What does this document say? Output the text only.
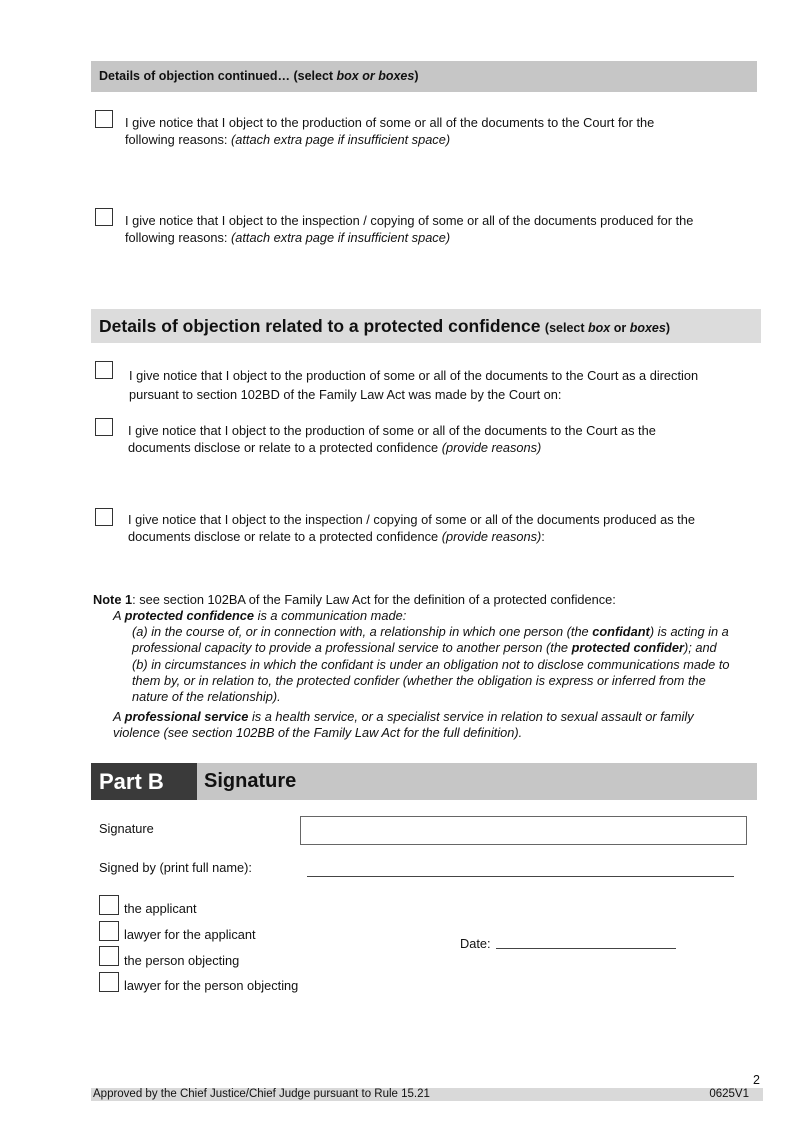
Details of objection continued… (select box or boxes)
I give notice that I object to the production of some or all of the documents to the Court for the
following reasons: (attach extra page if insufficient space)
I give notice that I object to the inspection / copying of some or all of the documents produced for the
following reasons: (attach extra page if insufficient space)
Details of objection related to a protected confidence (select box or boxes)
I give notice that I object to the production of some or all of the documents to the Court as a direction
pursuant to section 102BD of the Family Law Act was made by the Court on:
I give notice that I object to the production of some or all of the documents to the Court as the
documents disclose or relate to a protected confidence (provide reasons)
I give notice that I object to the inspection / copying of some or all of the documents produced as the
documents disclose or relate to a protected confidence (provide reasons):
Note 1: see section 102BA of the Family Law Act for the definition of a protected confidence:
A protected confidence is a communication made:
(a) in the course of, or in connection with, a relationship in which one person (the confidant) is acting in a
professional capacity to provide a professional service to another person (the protected confider); and
(b) in circumstances in which the confidant is under an obligation not to disclose communications made to
them by, or in relation to, the protected confider (whether the obligation is express or inferred from the
nature of the relationship).
A professional service is a health service, or a specialist service in relation to sexual assault or family
violence (see section 102BB of the Family Law Act for the full definition).
Part B	Signature
Signature
Signed by (print full name):
the applicant
lawyer for the applicant
the person objecting
lawyer for the person objecting
Date:
2
Approved by the Chief Justice/Chief Judge pursuant to Rule 15.21	0625V1
